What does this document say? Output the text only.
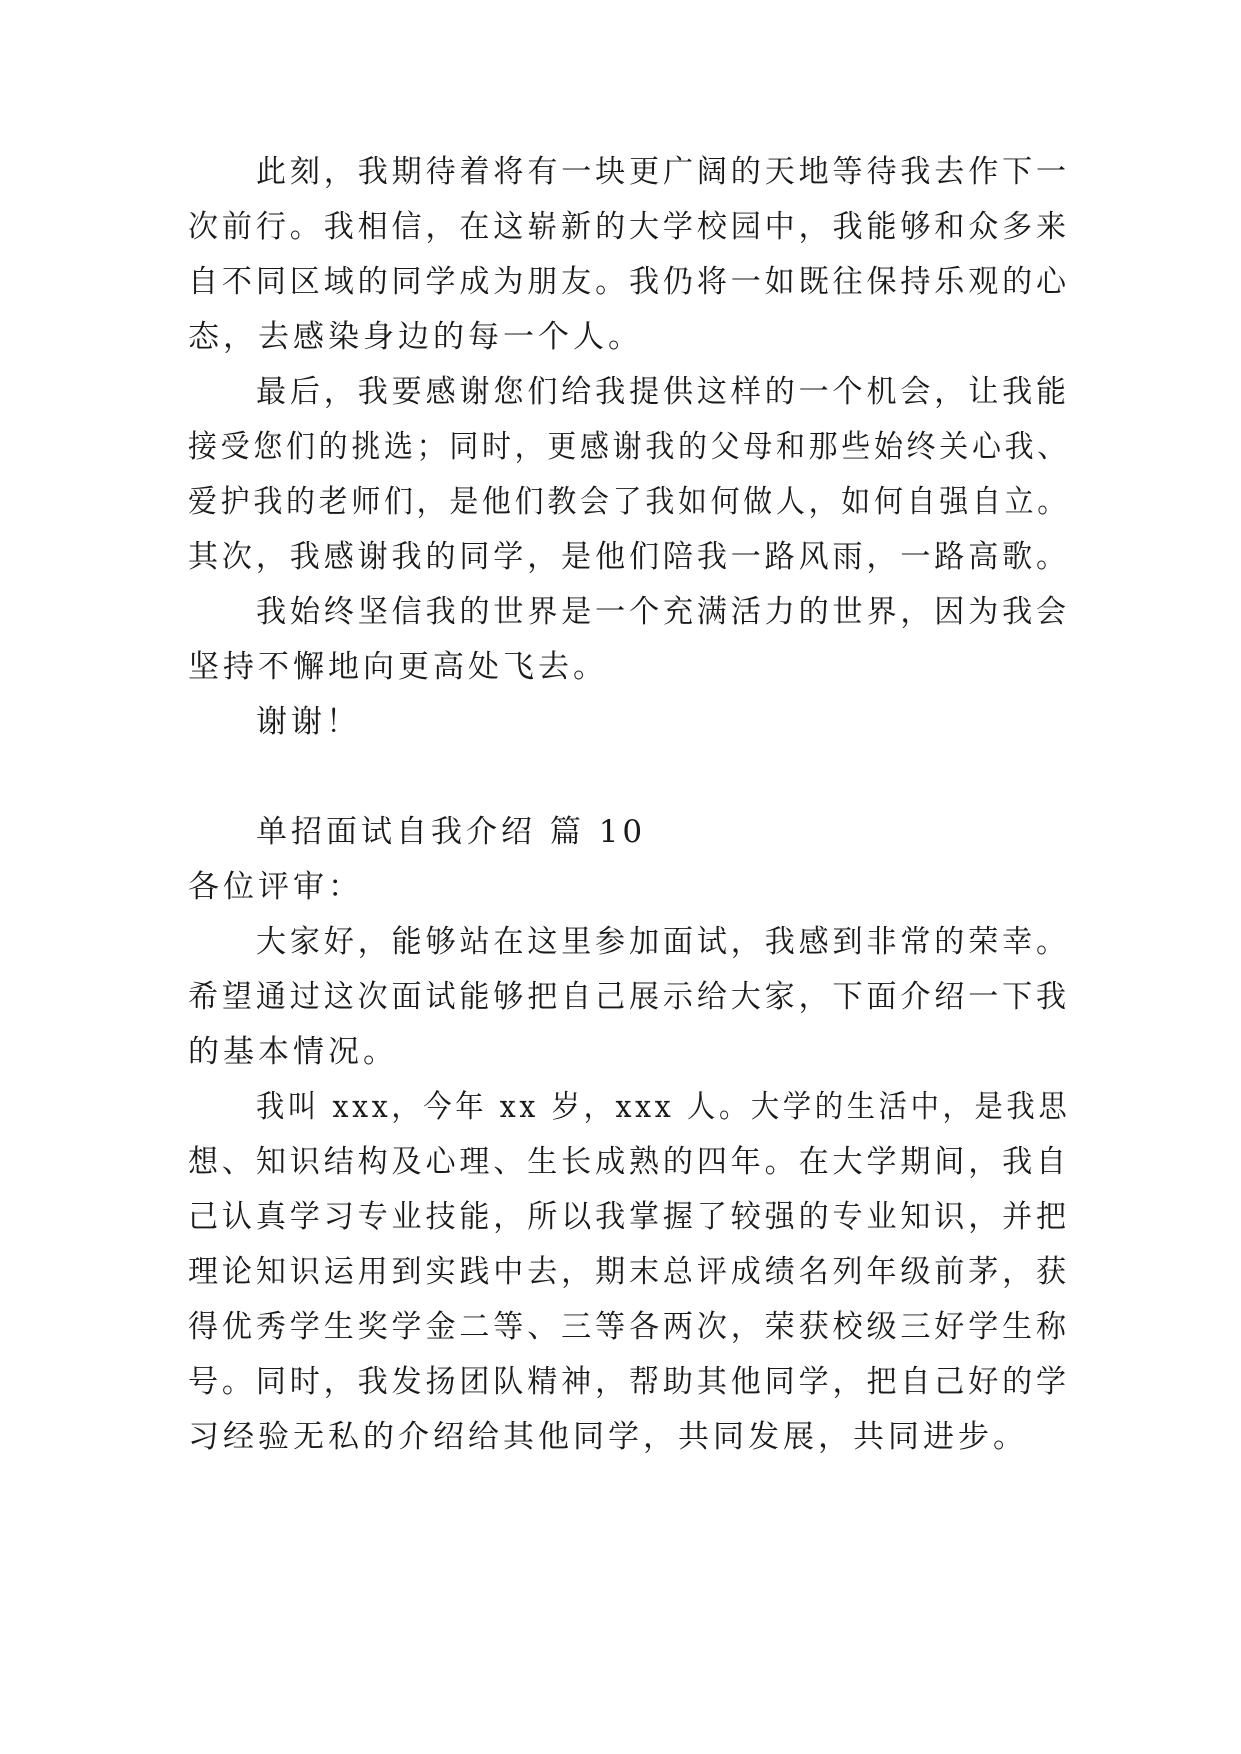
此刻，我期待着将有一块更广阔的天地等待我去作下一
次前行。我相信，在这崭新的大学校园中，我能够和众多来
自不同区域的同学成为朋友。我仍将一如既往保持乐观的心
态，去感染身边的每一个人。
最后，我要感谢您们给我提供这样的一个机会，让我能
接受您们的挑选；同时，更感谢我的父母和那些始终关心我、
爱护我的老师们，是他们教会了我如何做人，如何自强自立。
其次，我感谢我的同学，是他们陪我一路风雨，一路高歌。
我始终坚信我的世界是一个充满活力的世界，因为我会
坚持不懈地向更高处飞去。
谢谢！
单招面试自我介绍 篇 10
各位评审：
大家好，能够站在这里参加面试，我感到非常的荣幸。
希望通过这次面试能够把自己展示给大家，下面介绍一下我
的基本情况。
我叫 xxx，今年 xx 岁，xxx 人。大学的生活中，是我思
想、知识结构及心理、生长成熟的四年。在大学期间，我自
己认真学习专业技能，所以我掌握了较强的专业知识，并把
理论知识运用到实践中去，期末总评成绩名列年级前茅，获
得优秀学生奖学金二等、三等各两次，荣获校级三好学生称
号。同时，我发扬团队精神，帮助其他同学，把自己好的学
习经验无私的介绍给其他同学，共同发展，共同进步。
